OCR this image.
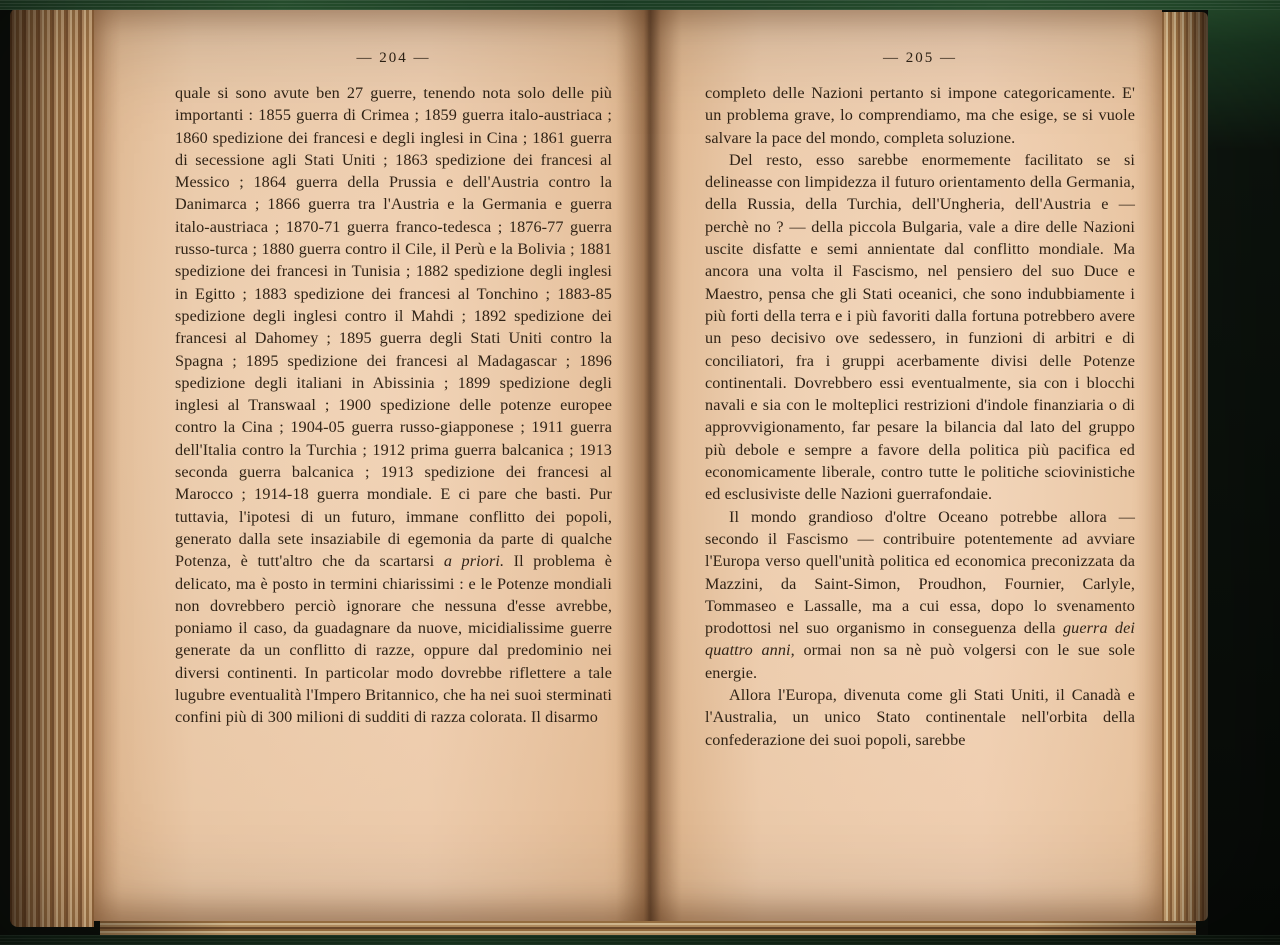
— 204 —

quale si sono avute ben 27 guerre, tenendo nota solo delle più importanti : 1855 guerra di Crimea ; 1859 guerra italo-austriaca ; 1860 spedizione dei francesi e degli inglesi in Cina ; 1861 guerra di secessione agli Stati Uniti ; 1863 spedizione dei francesi al Messico ; 1864 guerra della Prussia e dell'Austria contro la Danimarca ; 1866 guerra tra l'Austria e la Germania e guerra italo-austriaca ; 1870-71 guerra franco-tedesca ; 1876-77 guerra russo-turca ; 1880 guerra contro il Cile, il Perù e la Bolivia ; 1881 spedizione dei francesi in Tunisia ; 1882 spedizione degli inglesi in Egitto ; 1883 spedizione dei francesi al Tonchino ; 1883-85 spedizione degli inglesi contro il Mahdi ; 1892 spedizione dei francesi al Dahomey ; 1895 guerra degli Stati Uniti contro la Spagna ; 1895 spedizione dei francesi al Madagascar ; 1896 spedizione degli italiani in Abissinia ; 1899 spedizione degli inglesi al Transwaal ; 1900 spedizione delle potenze europee contro la Cina ; 1904-05 guerra russo-giapponese ; 1911 guerra dell'Italia contro la Turchia ; 1912 prima guerra balcanica ; 1913 seconda guerra balcanica ; 1913 spedizione dei francesi al Marocco ; 1914-18 guerra mondiale. E ci pare che basti. Pur tuttavia, l'ipotesi di un futuro, immane conflitto dei popoli, generato dalla sete insaziabile di egemonia da parte di qualche Potenza, è tutt'altro che da scartarsi a priori. Il problema è delicato, ma è posto in termini chiarissimi : e le Potenze mondiali non dovrebbero perciò ignorare che nessuna d'esse avrebbe, poniamo il caso, da guadagnare da nuove, micidialissime guerre generate da un conflitto di razze, oppure dal predominio nei diversi continenti. In particolar modo dovrebbe riflettere a tale lugubre eventualità l'Impero Britannico, che ha nei suoi sterminati confini più di 300 milioni di sudditi di razza colorata. Il disarmo

— 205 —

completo delle Nazioni pertanto si impone categoricamente. E' un problema grave, lo comprendiamo, ma che esige, se si vuole salvare la pace del mondo, completa soluzione.

Del resto, esso sarebbe enormemente facilitato se si delineasse con limpidezza il futuro orientamento della Germania, della Russia, della Turchia, dell'Ungheria, dell'Austria e — perchè no ? — della piccola Bulgaria, vale a dire delle Nazioni uscite disfatte e semi annientate dal conflitto mondiale. Ma ancora una volta il Fascismo, nel pensiero del suo Duce e Maestro, pensa che gli Stati oceanici, che sono indubbiamente i più forti della terra e i più favoriti dalla fortuna potrebbero avere un peso decisivo ove sedessero, in funzioni di arbitri e di conciliatori, fra i gruppi acerbamente divisi delle Potenze continentali. Dovrebbero essi eventualmente, sia con i blocchi navali e sia con le molteplici restrizioni d'indole finanziaria o di approvvigionamento, far pesare la bilancia dal lato del gruppo più debole e sempre a favore della politica più pacifica ed economicamente liberale, contro tutte le politiche sciovinistiche ed esclusiviste delle Nazioni guerrafondaie.

Il mondo grandioso d'oltre Oceano potrebbe allora — secondo il Fascismo — contribuire potentemente ad avviare l'Europa verso quell'unità politica ed economica preconizzata da Mazzini, da Saint-Simon, Proudhon, Fournier, Carlyle, Tommaseo e Lassalle, ma a cui essa, dopo lo svenamento prodottosi nel suo organismo in conseguenza della guerra dei quattro anni, ormai non sa nè può volgersi con le sue sole energie.

Allora l'Europa, divenuta come gli Stati Uniti, il Canadà e l'Australia, un unico Stato continentale nell'orbita della confederazione dei suoi popoli, sarebbe
